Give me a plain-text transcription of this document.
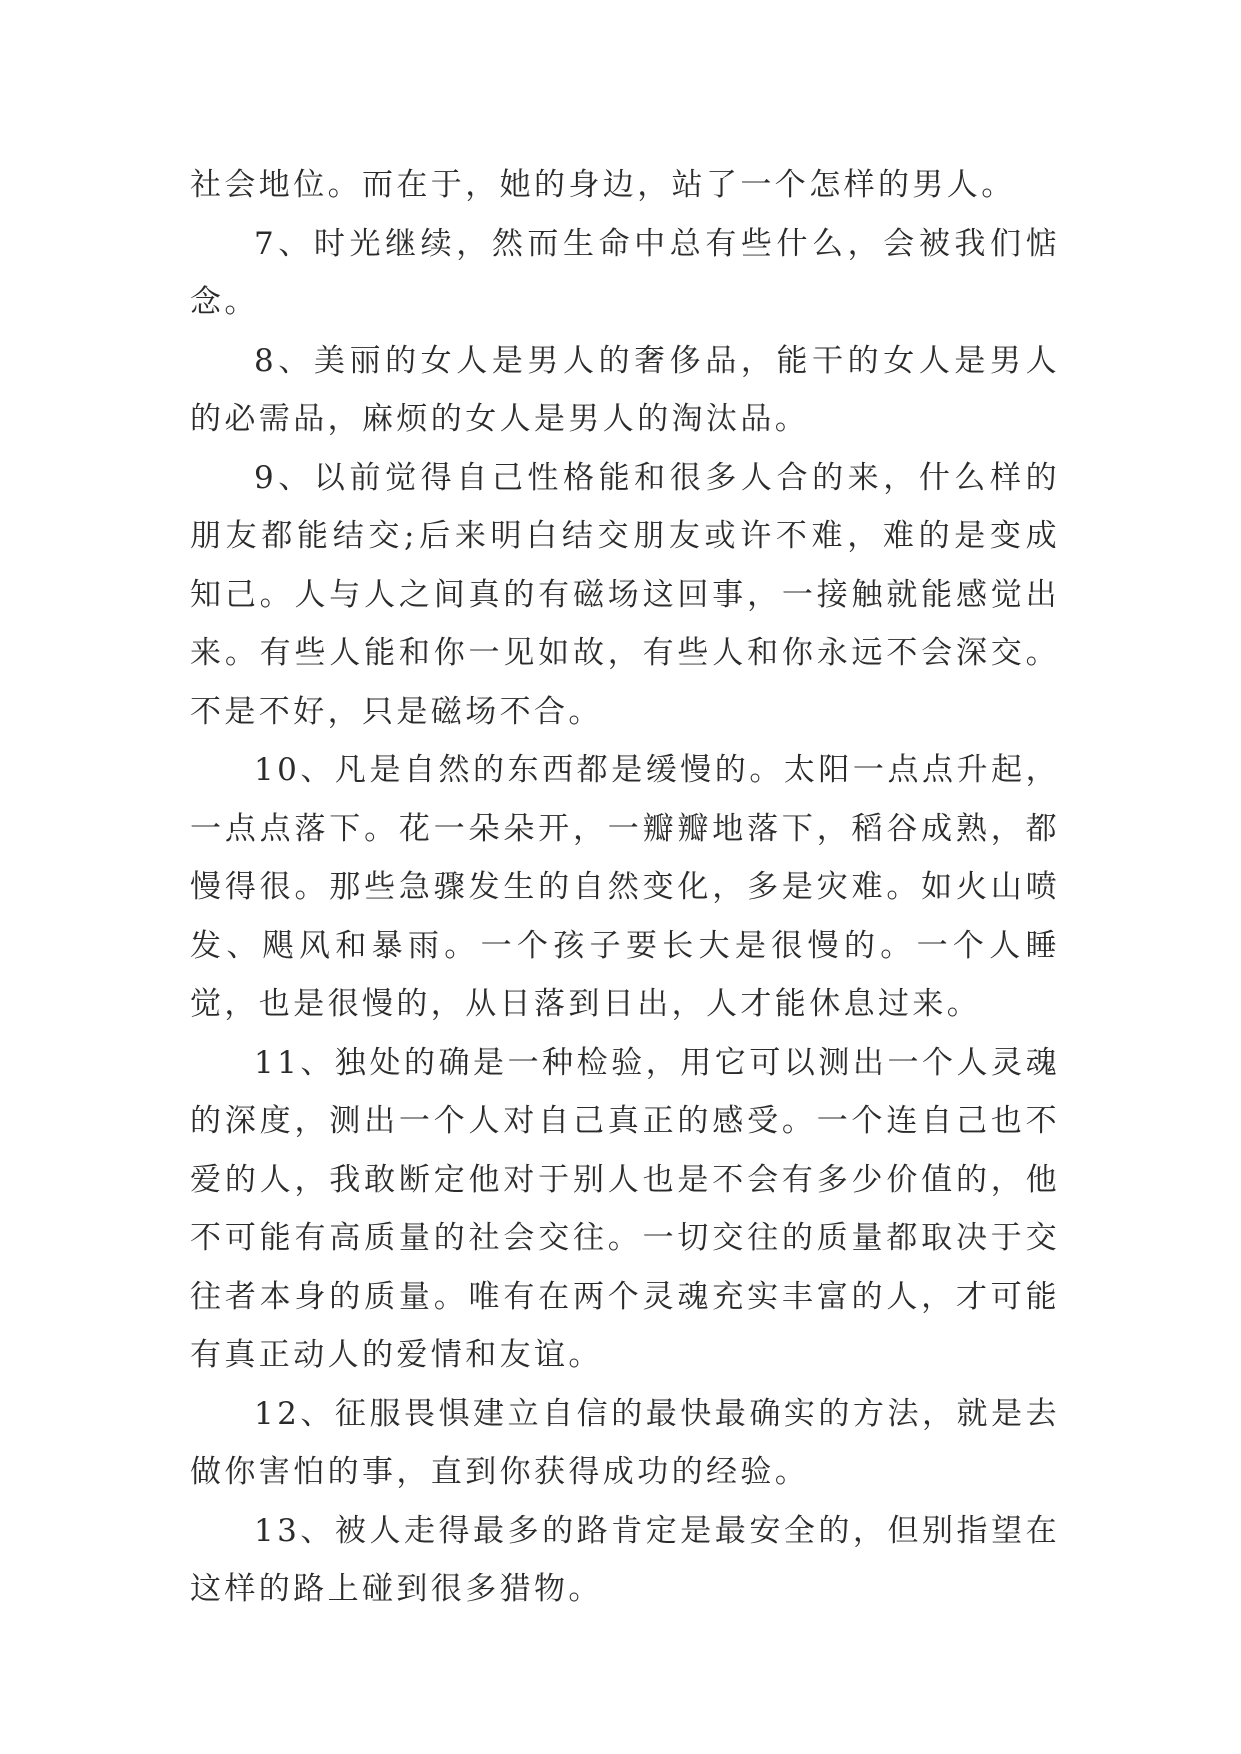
社会地位。而在于，她的身边，站了一个怎样的男人。

7、时光继续，然而生命中总有些什么，会被我们惦念。

8、美丽的女人是男人的奢侈品，能干的女人是男人的必需品，麻烦的女人是男人的淘汰品。

9、以前觉得自己性格能和很多人合的来，什么样的朋友都能结交;后来明白结交朋友或许不难，难的是变成知己。人与人之间真的有磁场这回事，一接触就能感觉出来。有些人能和你一见如故，有些人和你永远不会深交。不是不好，只是磁场不合。

10、凡是自然的东西都是缓慢的。太阳一点点升起，一点点落下。花一朵朵开，一瓣瓣地落下，稻谷成熟，都慢得很。那些急骤发生的自然变化，多是灾难。如火山喷发、飓风和暴雨。一个孩子要长大是很慢的。一个人睡觉，也是很慢的，从日落到日出，人才能休息过来。

11、独处的确是一种检验，用它可以测出一个人灵魂的深度，测出一个人对自己真正的感受。一个连自己也不爱的人，我敢断定他对于别人也是不会有多少价值的，他不可能有高质量的社会交往。一切交往的质量都取决于交往者本身的质量。唯有在两个灵魂充实丰富的人，才可能有真正动人的爱情和友谊。

12、征服畏惧建立自信的最快最确实的方法，就是去做你害怕的事，直到你获得成功的经验。

13、被人走得最多的路肯定是最安全的，但别指望在这样的路上碰到很多猎物。
